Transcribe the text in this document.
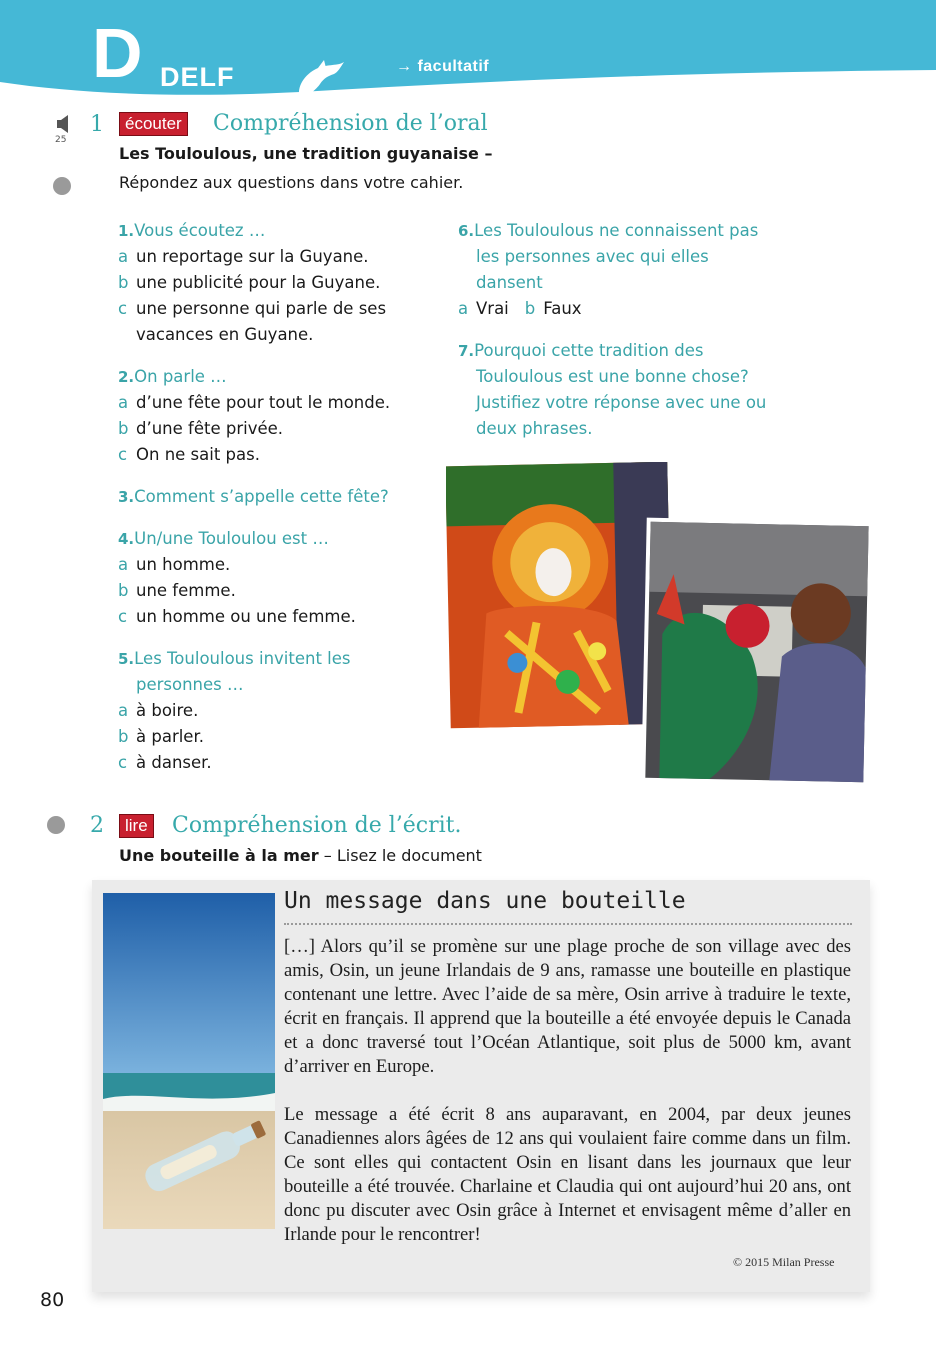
D DELF	→ facultatif
25
1	écouter Compréhension de l’oral
Les Touloulous, une tradition guyanaise –
Répondez aux questions dans votre cahier.
1.Vous écoutez …
a un reportage sur la Guyane.
b une publicité pour la Guyane.
c une personne qui parle de ses
vacances en Guyane.
2.On parle …
a d’une fête pour tout le monde.
b d’une fête privée.
c On ne sait pas.
3.Comment s’appelle cette fête?
4.Un/une Touloulou est …
a un homme.
b une femme.
c un homme ou une femme.
5.Les Touloulous invitent les
personnes …
a à boire.
b à parler.
c à danser.
6.Les Touloulous ne connaissent pas
les personnes avec qui elles
dansent
a Vrai b Faux
7.Pourquoi cette tradition des
Touloulous est une bonne chose?
Justifiez votre réponse avec une ou
deux phrases.
2	lire Compréhension de l’écrit.
Une bouteille à la mer – Lisez le document
Un message dans une bouteille
[…] Alors qu’il se promène sur une plage proche de son village avec des amis, Osin, un jeune Irlandais de 9 ans, ramasse une bouteille en plastique contenant une lettre. Avec l’aide de sa mère, Osin arrive à traduire le texte, écrit en français. Il apprend que la bouteille a été envoyée depuis le Canada et a donc traversé tout l’Océan Atlantique, soit plus de 5000 km, avant d’arriver en Europe.
Le message a été écrit 8 ans auparavant, en 2004, par deux jeunes Canadiennes alors âgées de 12 ans qui voulaient faire comme dans un film. Ce sont elles qui contactent Osin en lisant dans les journaux que leur bouteille a été trouvée. Charlaine et Claudia qui ont aujourd’hui 20 ans, ont donc pu discuter avec Osin grâce à Internet et envisagent même d’aller en Irlande pour le rencontrer!
© 2015 Milan Presse
80
